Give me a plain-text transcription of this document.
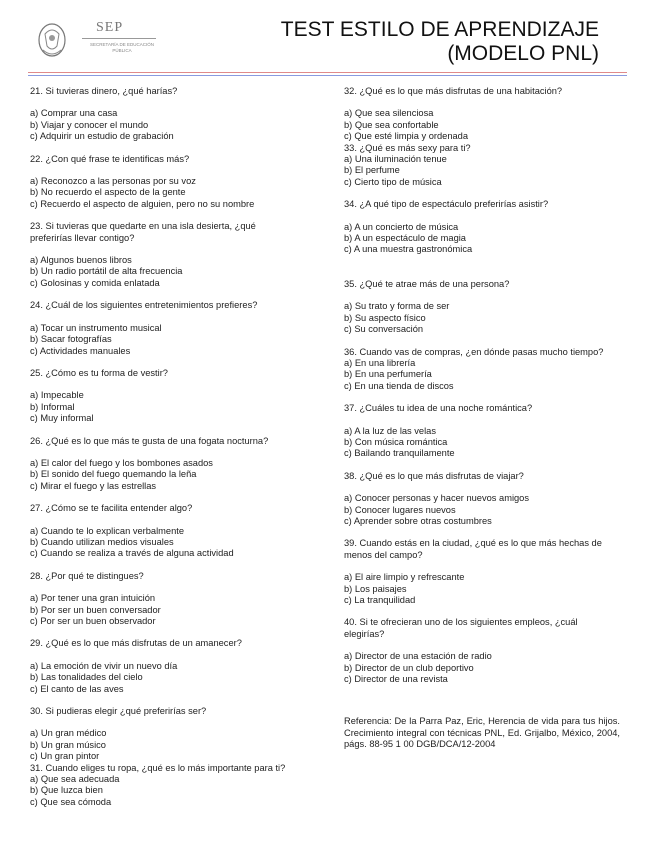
SEP
SECRETARÍA DE EDUCACIÓN PÚBLICA
TEST ESTILO DE APRENDIZAJE
(MODELO PNL)

21. Si tuvieras dinero, ¿qué harías?

a) Comprar una casa

b) Viajar y conocer el mundo

c) Adquirir un estudio de grabación

22. ¿Con qué frase te identificas más?

a) Reconozco a las personas por su voz

b) No recuerdo el aspecto de la gente

c) Recuerdo el aspecto de alguien, pero no su nombre

23. Si tuvieras que quedarte en una isla desierta, ¿qué

preferirías llevar contigo?

a) Algunos buenos libros

b) Un radio portátil de alta frecuencia

c) Golosinas y comida enlatada

24. ¿Cuál de los siguientes entretenimientos prefieres?

a) Tocar un instrumento musical

b) Sacar fotografías

c) Actividades manuales

25. ¿Cómo es tu forma de vestir?

a) Impecable

b) Informal

c) Muy informal

26. ¿Qué es lo que más te gusta de una fogata nocturna?

a) El calor del fuego y los bombones asados

b) El sonido del fuego quemando la leña

c) Mirar el fuego y las estrellas

27. ¿Cómo se te facilita entender algo?

a) Cuando te lo explican verbalmente

b) Cuando utilizan medios visuales

c) Cuando se realiza a través de alguna actividad

28. ¿Por qué te distingues?

a) Por tener una gran intuición

b) Por ser un buen conversador

c) Por ser un buen observador

29. ¿Qué es lo que más disfrutas de un amanecer?

a) La emoción de vivir un nuevo día

b) Las tonalidades del cielo

c) El canto de las aves

30. Si pudieras elegir ¿qué preferirías ser?

a) Un gran médico

b) Un gran músico

c) Un gran pintor

31. Cuando eliges tu ropa, ¿qué es lo más importante para ti?

a) Que sea adecuada

b) Que luzca bien

c) Que sea cómoda

32. ¿Qué es lo que más disfrutas de una habitación?

a) Que sea silenciosa

b) Que sea confortable

c) Que esté limpia y ordenada

33. ¿Qué es más sexy para ti?

a) Una iluminación tenue

b) El perfume

c) Cierto tipo de música

34. ¿A qué tipo de espectáculo preferirías asistir?

a) A un concierto de música

b) A un espectáculo de magia

c) A una muestra gastronómica

35. ¿Qué te atrae más de una persona?

a) Su trato y forma de ser

b) Su aspecto físico

c) Su conversación

36. Cuando vas de compras, ¿en dónde pasas mucho tiempo?

a) En una librería

b) En una perfumería

c) En una tienda de discos

37. ¿Cuáles tu idea de una noche romántica?

a) A la luz de las velas

b) Con música romántica

c) Bailando tranquilamente

38. ¿Qué es lo que más disfrutas de viajar?

a) Conocer personas y hacer nuevos amigos

b) Conocer lugares nuevos

c) Aprender sobre otras costumbres

39. Cuando estás en la ciudad, ¿qué es lo que más hechas de

menos del campo?

a) El aire limpio y refrescante

b) Los paisajes

c) La tranquilidad

40. Si te ofrecieran uno de los siguientes empleos, ¿cuál

elegirías?

a) Director de una estación de radio

b) Director de un club deportivo

c) Director de una revista

Referencia: De la Parra Paz, Eric, Herencia de vida para tus hijos. Crecimiento integral con técnicas PNL, Ed. Grijalbo, México, 2004, págs. 88-95 1 00 DGB/DCA/12-2004
